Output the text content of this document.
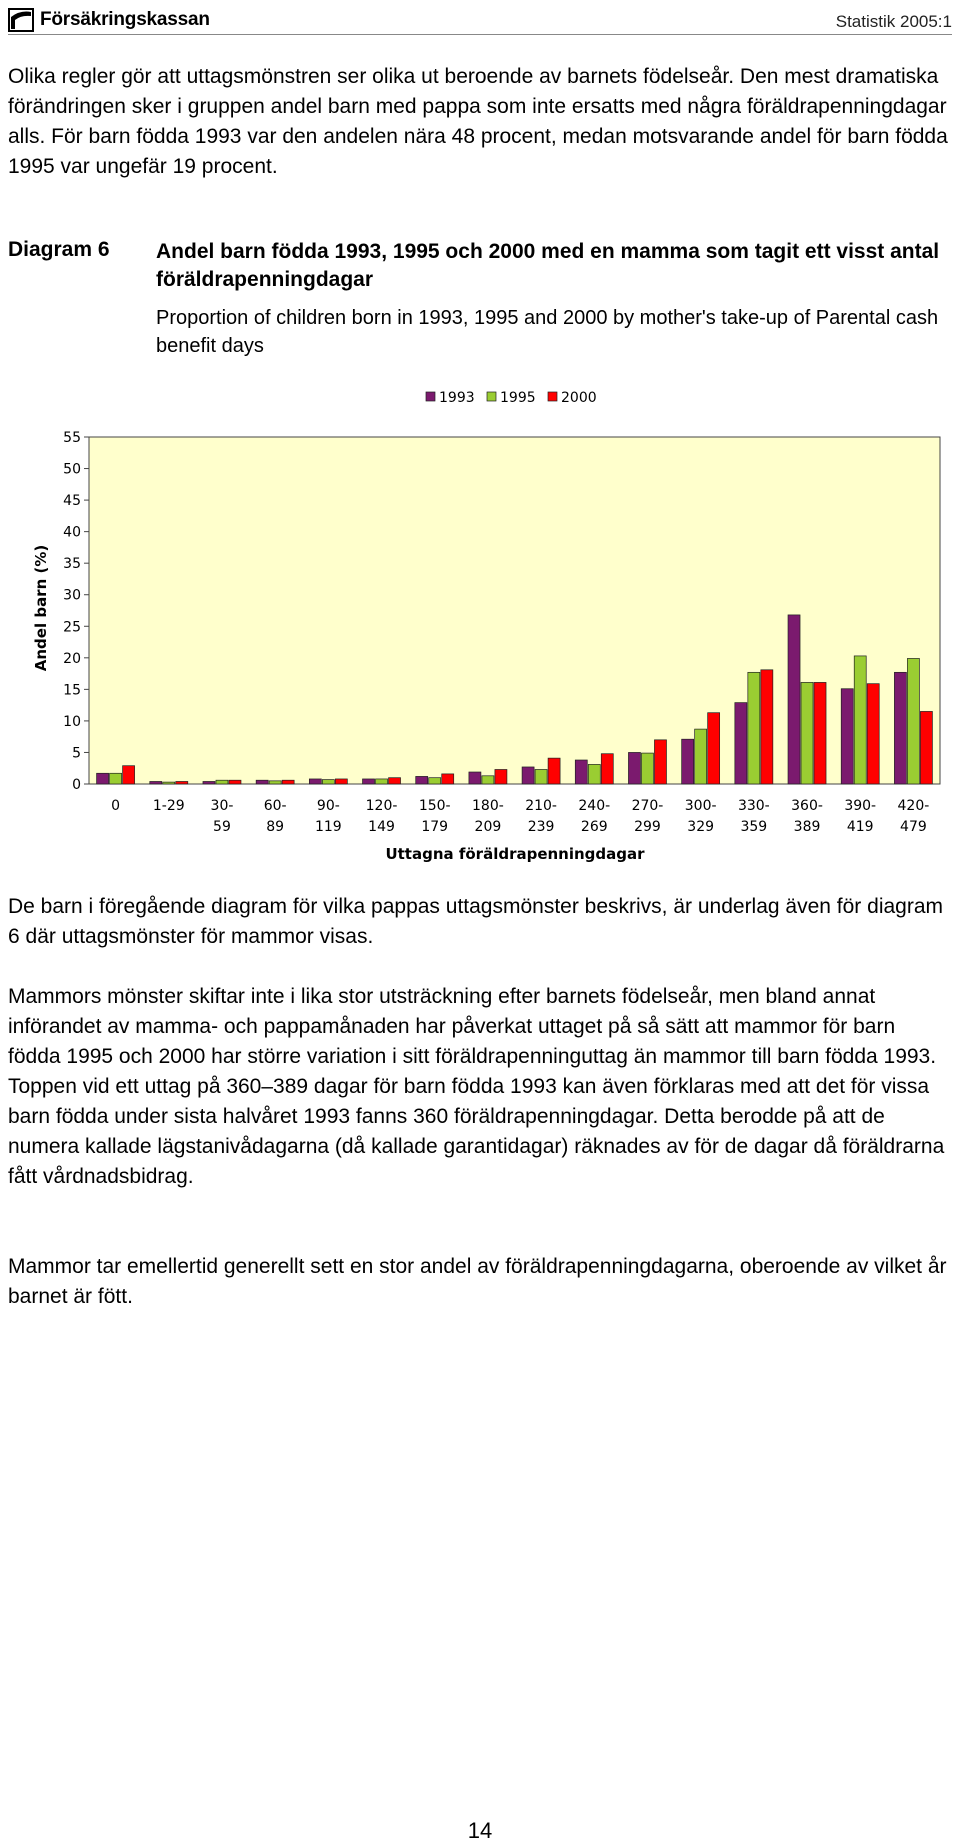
Försäkringskassan	Statistik 2005:1

Olika regler gör att uttagsmönstren ser olika ut beroende av barnets födelseår. Den mest dramatiska förändringen sker i gruppen andel barn med pappa som inte ersatts med några föräldrapenningdagar alls. För barn födda 1993 var den andelen nära 48 procent, medan motsvarande andel för barn födda 1995 var ungefär 19 procent.

Diagram 6 Andel barn födda 1993, 1995 och 2000 med en mamma som tagit ett visst antal föräldrapenningdagar
Proportion of children born in 1993, 1995 and 2000 by mother's take-up of Parental cash benefit days
0
5
10
15
20
25
30
35
40
45
50
55
Andel barn (%)
0 1-29 30-
59
60-
89
90-
119
120-
149
150-
179
180-
209
210-
239
240-
269
270-
299
300-
329
330-
359
360-
389
390-
419
420-
479
Uttagna föräldrapenningdagar
1993 1995 2000

De barn i föregående diagram för vilka pappas uttagsmönster beskrivs, är underlag även för diagram 6 där uttagsmönster för mammor visas.

Mammors mönster skiftar inte i lika stor utsträckning efter barnets födelseår, men bland annat införandet av mamma- och pappamånaden har påverkat uttaget på så sätt att mammor för barn födda 1995 och 2000 har större variation i sitt föräldrapenninguttag än mammor till barn födda 1993. Toppen vid ett uttag på 360–389 dagar för barn födda 1993 kan även förklaras med att det för vissa barn födda under sista halvåret 1993 fanns 360 föräldrapenningdagar. Detta berodde på att de numera kallade lägstanivådagarna (då kallade garantidagar) räknades av för de dagar då föräldrarna fått vårdnadsbidrag.

Mammor tar emellertid generellt sett en stor andel av föräldrapenningdagarna, oberoende av vilket år barnet är fött.

14
